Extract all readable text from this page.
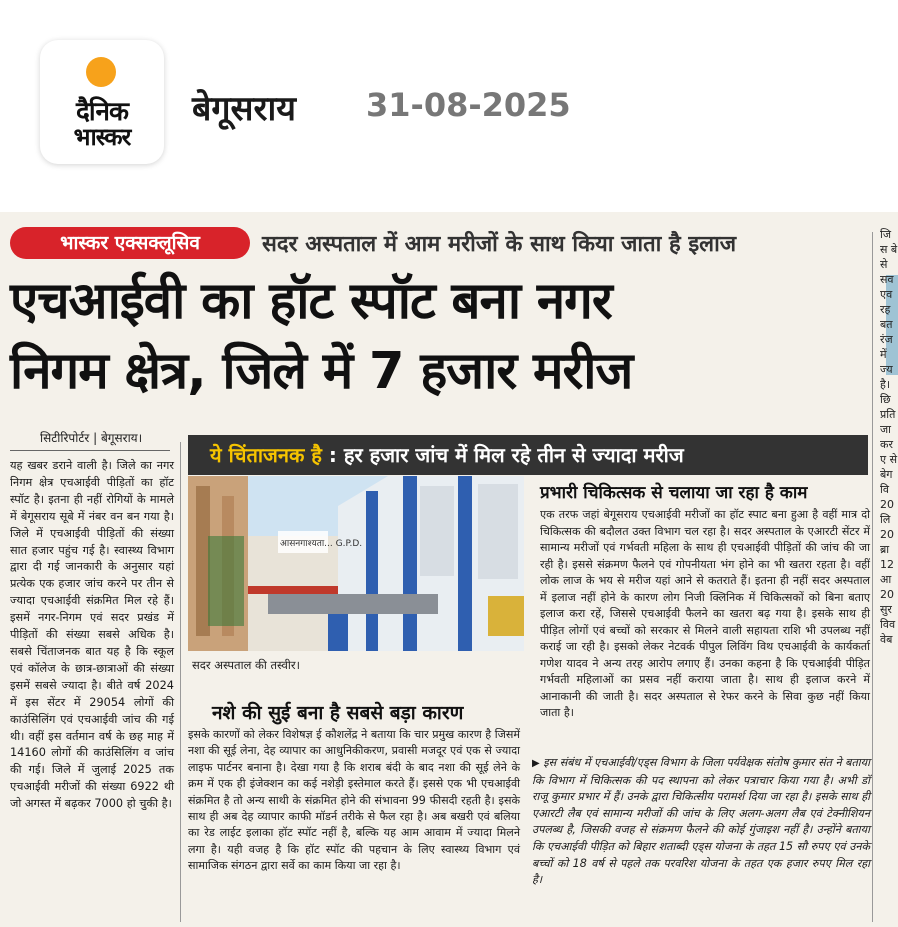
दैनिक
भास्कर
बेगूसराय 31-08-2025
भास्कर एक्सक्लूसिव	सदर अस्पताल में आम मरीजों के साथ किया जाता है इलाज
एचआईवी का हॉट स्पॉट बना नगर
निगम क्षेत्र, जिले में 7 हजार मरीज
सिटीरिपोर्टर | बेगूसराय।
यह खबर डराने वाली है। जिले का नगर निगम क्षेत्र एचआईवी पीड़ितों का हॉट स्पॉट है। इतना ही नहीं रोगियों के मामले में बेगूसराय सूबे में नंबर वन बन गया है। जिले में एचआईवी पीड़ितों की संख्या सात हजार पहुंच गई है। स्वास्थ्य विभाग द्वारा दी गई जानकारी के अनुसार यहां प्रत्येक एक हजार जांच करने पर तीन से ज्यादा एचआईवी संक्रमित मिल रहे हैं। इसमें नगर-निगम एवं सदर प्रखंड में पीड़ितों की संख्या सबसे अधिक है। सबसे चिंताजनक बात यह है कि स्कूल एवं कॉलेज के छात्र-छात्राओं की संख्या इसमें सबसे ज्यादा है। बीते वर्ष 2024 में इस सेंटर में 29054 लोगों की काउंसिलिंग एवं एचआईवी जांच की गई थी। वहीं इस वर्तमान वर्ष के छह माह में 14160 लोगों की काउंसिलिंग व जांच की गई। जिले में जुलाई 2025 तक एचआईवी मरीजों की संख्या 6922 थी जो अगस्त में बढ़कर 7000 हो चुकी है।
ये चिंताजनक है : हर हजार जांच में मिल रहे तीन से ज्यादा मरीज
आसनगाश्यता... G.P.D.
सदर अस्पताल की तस्वीर।
नशे की सुई बना है सबसे बड़ा कारण
इसके कारणों को लेकर विशेषज्ञ ई कौशलेंद्र ने बताया कि चार प्रमुख कारण है जिसमें नशा की सूई लेना, देह व्यापार का आधुनिकीकरण, प्रवासी मजदूर एवं एक से ज्यादा लाइफ पार्टनर बनाना है। देखा गया है कि शराब बंदी के बाद नशा की सूई लेने के क्रम में एक ही इंजेक्शन का कई नशेड़ी इस्तेमाल करते हैं। इससे एक भी एचआईवी संक्रमित है तो अन्य साथी के संक्रमित होने की संभावना 99 फीसदी रहती है। इसके साथ ही अब देह व्यापार काफी मॉडर्न तरीके से फैल रहा है। अब बखरी एवं बलिया का रेड लाईट इलाका हॉट स्पॉट नहीं है, बल्कि यह आम आवाम में ज्यादा मिलने लगा है। यही वजह है कि हॉट स्पॉट की पहचान के लिए स्वास्थ्य विभाग एवं सामाजिक संगठन द्वारा सर्वे का काम किया जा रहा है।
प्रभारी चिकित्सक से चलाया जा रहा है काम
एक तरफ जहां बेगूसराय एचआईवी मरीजों का हॉट स्पाट बना हुआ है वहीं मात्र दो चिकित्सक की बदौलत उक्त विभाग चल रहा है। सदर अस्पताल के एआरटी सेंटर में सामान्य मरीजों एवं गर्भवती महिला के साथ ही एचआईवी पीड़ितों की जांच की जा रही है। इससे संक्रमण फैलने एवं गोपनीयता भंग होने का भी खतरा रहता है। वहीं लोक लाज के भय से मरीज यहां आने से कतराते हैं। इतना ही नहीं सदर अस्पताल में इलाज नहीं होने के कारण लोग निजी क्लिनिक में चिकित्सकों को बिना बताए इलाज करा रहें, जिससे एचआईवी फैलने का खतरा बढ़ गया है। इसके साथ ही पीड़ित लोगों एवं बच्चों को सरकार से मिलने वाली सहायता राशि भी उपलब्ध नहीं कराई जा रही है। इसको लेकर नेटवर्क पीपुल लिविंग विथ एचआईवी के कार्यकर्ता गणेश यादव ने अन्य तरह आरोप लगाए हैं। उनका कहना है कि एचआईवी पीड़ित गर्भवती महिलाओं का प्रसव नहीं कराया जाता है। साथ ही इलाज करने में आनाकानी की जाती है। सदर अस्पताल से रेफर करने के सिवा कुछ नहीं किया जाता है।
▶ इस संबंध में एचआईवी/एड्स विभाग के जिला पर्यवेक्षक संतोष कुमार संत ने बताया कि विभाग में चिकित्सक की पद स्थापना को लेकर पत्राचार किया गया है। अभी डॉ राजू कुमार प्रभार में हैं। उनके द्वारा चिकित्सीय परामर्श दिया जा रहा है। इसके साथ ही एआरटी लैब एवं सामान्य मरीजों की जांच के लिए अलग-अलग लैब एवं टेक्नीशियन उपलब्ध है, जिसकी वजह से संक्रमण फैलने की कोई गुंजाइश नहीं है। उन्होंने बताया कि एचआईवी पीड़ित को बिहार शताब्दी एड्स योजना के तहत 15 सौ रुपए एवं उनके बच्चों को 18 वर्ष से पहले तक परवरिश योजना के तहत एक हजार रुपए मिल रहा है।
जि स बे से सव एव रह बत रंज में ज्य है। छि प्रति जा कर ए से बेग वि 20 लि 20 ब्रा 12 आ 20 सुर विव वेब
